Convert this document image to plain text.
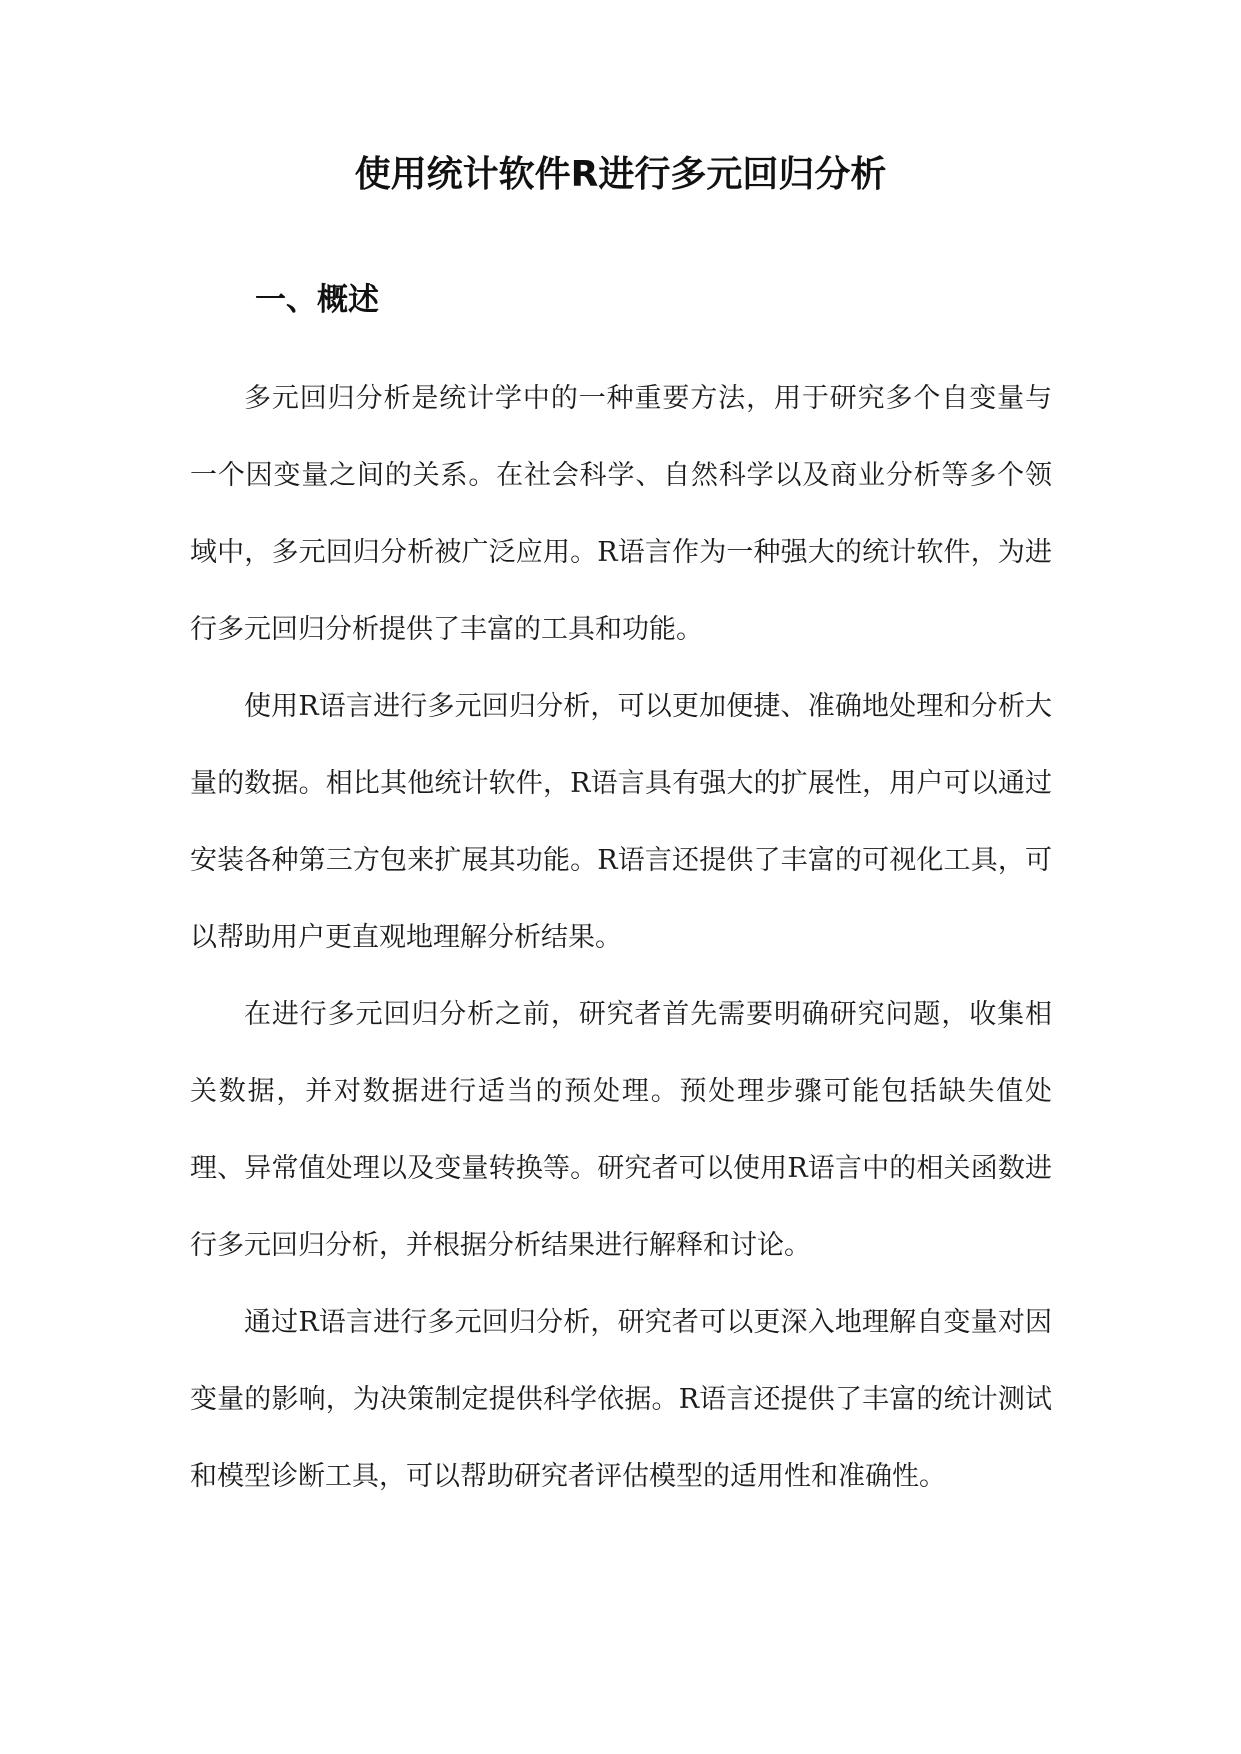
使用统计软件R进行多元回归分析
一、概述

多元回归分析是统计学中的一种重要方法，用于研究多个自变量与一个因变量之间的关系。在社会科学、自然科学以及商业分析等多个领域中，多元回归分析被广泛应用。R语言作为一种强大的统计软件，为进行多元回归分析提供了丰富的工具和功能。

使用R语言进行多元回归分析，可以更加便捷、准确地处理和分析大量的数据。相比其他统计软件，R语言具有强大的扩展性，用户可以通过安装各种第三方包来扩展其功能。R语言还提供了丰富的可视化工具，可以帮助用户更直观地理解分析结果。

在进行多元回归分析之前，研究者首先需要明确研究问题，收集相关数据，并对数据进行适当的预处理。预处理步骤可能包括缺失值处理、异常值处理以及变量转换等。研究者可以使用R语言中的相关函数进行多元回归分析，并根据分析结果进行解释和讨论。

通过R语言进行多元回归分析，研究者可以更深入地理解自变量对因变量的影响，为决策制定提供科学依据。R语言还提供了丰富的统计测试和模型诊断工具，可以帮助研究者评估模型的适用性和准确性。
